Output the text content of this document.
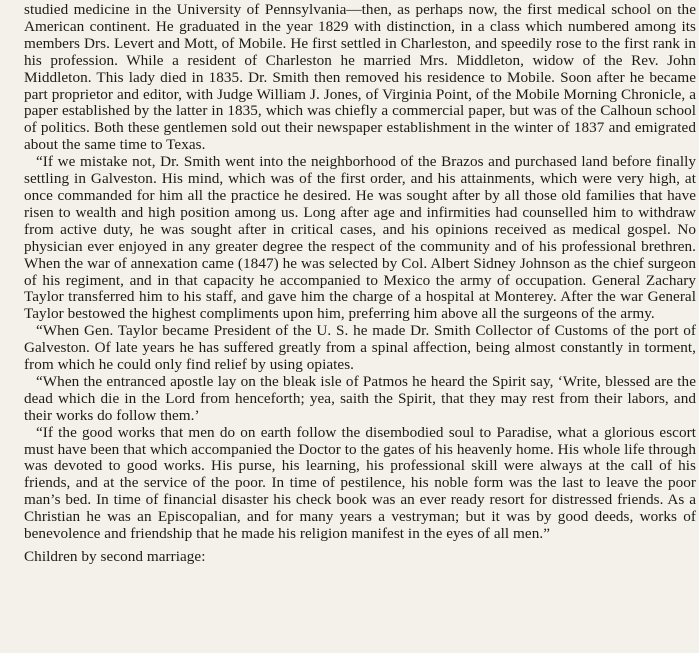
studied medicine in the University of Pennsylvania—then, as perhaps now, the first medical school on the American continent. He graduated in the year 1829 with distinction, in a class which numbered among its members Drs. Levert and Mott, of Mobile. He first settled in Charleston, and speedily rose to the first rank in his profession. While a resident of Charleston he married Mrs. Middleton, widow of the Rev. John Middleton. This lady died in 1835. Dr. Smith then removed his residence to Mobile. Soon after he became part proprietor and editor, with Judge William J. Jones, of Virginia Point, of the Mobile Morning Chronicle, a paper established by the latter in 1835, which was chiefly a commercial paper, but was of the Calhoun school of politics. Both these gentlemen sold out their newspaper establishment in the winter of 1837 and emigrated about the same time to Texas.

“If we mistake not, Dr. Smith went into the neighborhood of the Brazos and purchased land before finally settling in Galveston. His mind, which was of the first order, and his attainments, which were very high, at once commanded for him all the practice he desired. He was sought after by all those old families that have risen to wealth and high position among us. Long after age and infirmities had counselled him to withdraw from active duty, he was sought after in critical cases, and his opinions received as medical gospel. No physician ever enjoyed in any greater degree the respect of the community and of his professional brethren. When the war of annexation came (1847) he was selected by Col. Albert Sidney Johnson as the chief surgeon of his regiment, and in that capacity he accompanied to Mexico the army of occupation. General Zachary Taylor transferred him to his staff, and gave him the charge of a hospital at Monterey. After the war General Taylor bestowed the highest compliments upon him, preferring him above all the surgeons of the army.

“When Gen. Taylor became President of the U. S. he made Dr. Smith Collector of Customs of the port of Galveston. Of late years he has suffered greatly from a spinal affection, being almost constantly in torment, from which he could only find relief by using opiates.

“When the entranced apostle lay on the bleak isle of Patmos he heard the Spirit say, ‘Write, blessed are the dead which die in the Lord from henceforth; yea, saith the Spirit, that they may rest from their labors, and their works do follow them.’

“If the good works that men do on earth follow the disembodied soul to Paradise, what a glorious escort must have been that which accompanied the Doctor to the gates of his heavenly home. His whole life through was devoted to good works. His purse, his learning, his professional skill were always at the call of his friends, and at the service of the poor. In time of pestilence, his noble form was the last to leave the poor man’s bed. In time of financial disaster his check book was an ever ready resort for distressed friends. As a Christian he was an Episcopalian, and for many years a vestryman; but it was by good deeds, works of benevolence and friendship that he made his religion manifest in the eyes of all men.”

Children by second marriage:
